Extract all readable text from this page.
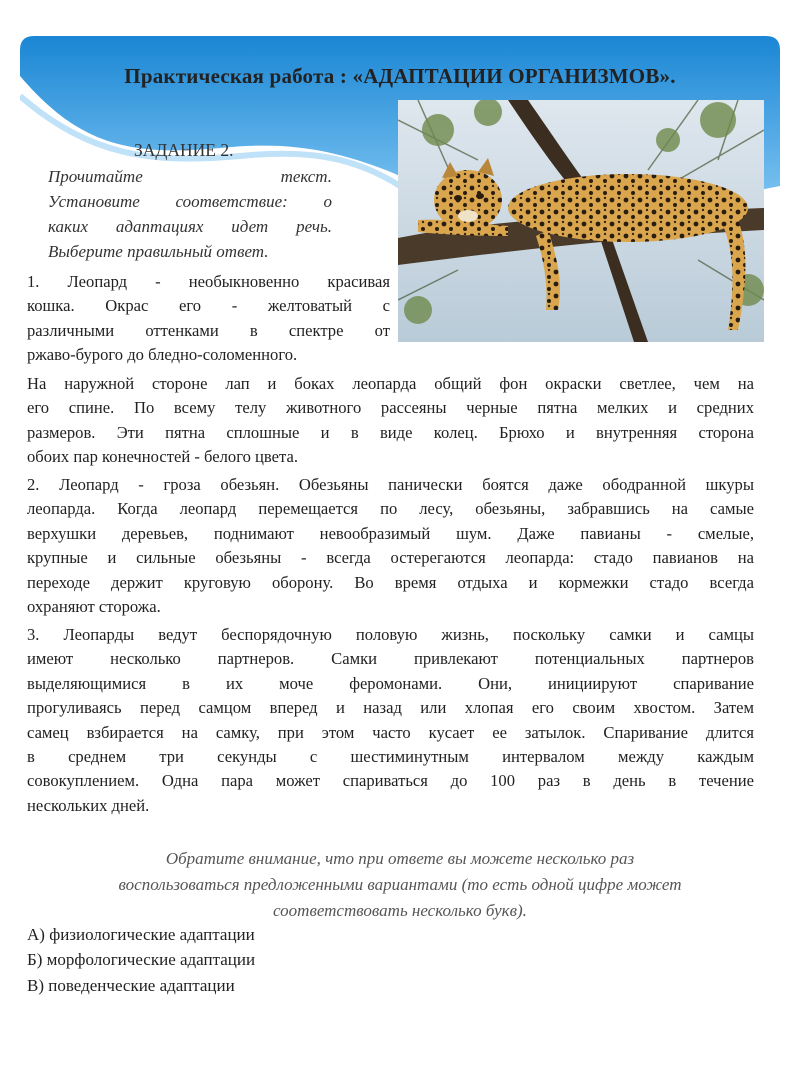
Практическая работа : «АДАПТАЦИИ ОРГАНИЗМОВ».
ЗАДАНИЕ 2.
Прочитайте текст.
Установите соответствие: о
каких адаптациях идет речь.
Выберите правильный ответ.
1. Леопард - необыкновенно красивая
кошка. Окрас его - желтоватый с
различными оттенками в спектре от
ржаво-бурого до бледно-соломенного.
На наружной стороне лап и боках леопарда общий фон окраски светлее, чем на
его спине. По всему телу животного рассеяны черные пятна мелких и средних
размеров. Эти пятна сплошные и в виде колец. Брюхо и внутренняя сторона
обоих пар конечностей - белого цвета.
2. Леопард - гроза обезьян. Обезьяны панически боятся даже ободранной шкуры
леопарда. Когда леопард перемещается по лесу, обезьяны, забравшись на самые
верхушки деревьев, поднимают невообразимый шум. Даже павианы - смелые,
крупные и сильные обезьяны - всегда остерегаются леопарда: стадо павианов на
переходе держит круговую оборону. Во время отдыха и кормежки стадо всегда
охраняют сторожа.
3. Леопарды ведут беспорядочную половую жизнь, поскольку самки и самцы
имеют несколько партнеров. Самки привлекают потенциальных партнеров
выделяющимися в их моче феромонами. Они, инициируют спаривание
прогуливаясь перед самцом вперед и назад или хлопая его своим хвостом. Затем
самец взбирается на самку, при этом часто кусает ее затылок. Спаривание длится
в среднем три секунды с шестиминутным интервалом между каждым
совокуплением. Одна пара может спариваться до 100 раз в день в течение
нескольких дней.
Обратите внимание, что при ответе вы можете несколько раз
воспользоваться предложенными вариантами (то есть одной цифре может
соответствовать несколько букв).
А) физиологические адаптации
Б) морфологические адаптации
В) поведенческие адаптации
